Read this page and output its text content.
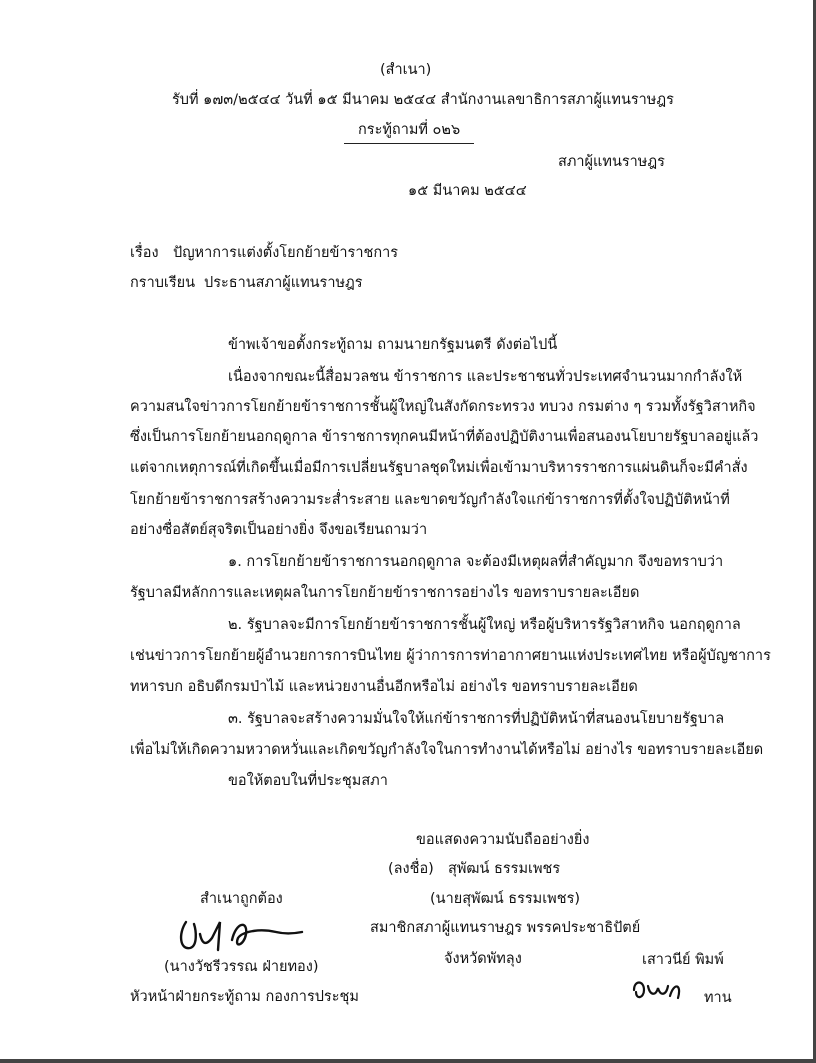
(สำเนา)
รับที่ ๑๗๓/๒๕๔๔ วันที่ ๑๕ มีนาคม ๒๕๔๔ สำนักงานเลขาธิการสภาผู้แทนราษฎร
กระทู้ถามที่ ๐๒๖
สภาผู้แทนราษฎร
๑๕ มีนาคม ๒๕๔๔
เรื่อง ปัญหาการแต่งตั้งโยกย้ายข้าราชการ
กราบเรียน ประธานสภาผู้แทนราษฎร
ข้าพเจ้าขอตั้งกระทู้ถาม ถามนายกรัฐมนตรี ดังต่อไปนี้
เนื่องจากขณะนี้สื่อมวลชน ข้าราชการ และประชาชนทั่วประเทศจำนวนมากกำลังให้
ความสนใจข่าวการโยกย้ายข้าราชการชั้นผู้ใหญ่ในสังกัดกระทรวง ทบวง กรมต่าง ๆ รวมทั้งรัฐวิสาหกิจ
ซึ่งเป็นการโยกย้ายนอกฤดูกาล ข้าราชการทุกคนมีหน้าที่ต้องปฏิบัติงานเพื่อสนองนโยบายรัฐบาลอยู่แล้ว
แต่จากเหตุการณ์ที่เกิดขึ้นเมื่อมีการเปลี่ยนรัฐบาลชุดใหม่เพื่อเข้ามาบริหารราชการแผ่นดินก็จะมีคำสั่ง
โยกย้ายข้าราชการสร้างความระส่ำระสาย และขาดขวัญกำลังใจแก่ข้าราชการที่ตั้งใจปฏิบัติหน้าที่
อย่างซื่อสัตย์สุจริตเป็นอย่างยิ่ง จึงขอเรียนถามว่า
๑. การโยกย้ายข้าราชการนอกฤดูกาล จะต้องมีเหตุผลที่สำคัญมาก จึงขอทราบว่า
รัฐบาลมีหลักการและเหตุผลในการโยกย้ายข้าราชการอย่างไร ขอทราบรายละเอียด
๒. รัฐบาลจะมีการโยกย้ายข้าราชการชั้นผู้ใหญ่ หรือผู้บริหารรัฐวิสาหกิจ นอกฤดูกาล
เช่นข่าวการโยกย้ายผู้อำนวยการการบินไทย ผู้ว่าการการท่าอากาศยานแห่งประเทศไทย หรือผู้บัญชาการ
ทหารบก อธิบดีกรมป่าไม้ และหน่วยงานอื่นอีกหรือไม่ อย่างไร ขอทราบรายละเอียด
๓. รัฐบาลจะสร้างความมั่นใจให้แก่ข้าราชการที่ปฏิบัติหน้าที่สนองนโยบายรัฐบาล
เพื่อไม่ให้เกิดความหวาดหวั่นและเกิดขวัญกำลังใจในการทำงานได้หรือไม่ อย่างไร ขอทราบรายละเอียด
ขอให้ตอบในที่ประชุมสภา
ขอแสดงความนับถืออย่างยิ่ง
(ลงชื่อ) สุพัฒน์ ธรรมเพชร
(นายสุพัฒน์ ธรรมเพชร)
สมาชิกสภาผู้แทนราษฎร พรรคประชาธิปัตย์
จังหวัดพัทลุง
สำเนาถูกต้อง
(นางวัชรีวรรณ ฝ่ายทอง)
หัวหน้าฝ่ายกระทู้ถาม กองการประชุม
เสาวนีย์ พิมพ์
ทาน
